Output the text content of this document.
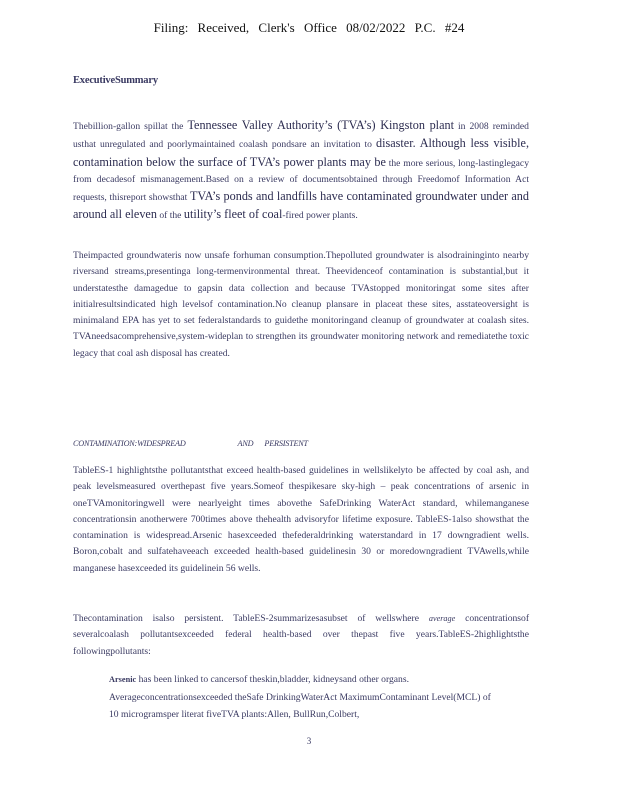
Filing: Received, Clerk's Office 08/02/2022 P.C. #24
ExecutiveSummary
Thebillion-gallon spillat the Tennessee Valley Authority’s (TVA’s) Kingston plant in 2008 reminded usthat unregulated and poorlymaintained coalash pondsare an invitation to disaster. Although less visible, contamination below the surface of TVA’s power plants may be the more serious, long-lastinglegacy from decadesof mismanagement.Based on a review of documentsobtained through Freedomof Information Act requests, thisreport showsthat TVA’s ponds and landfills have contaminated groundwater under and around all eleven of the utility’s fleet of coal-fired power plants.
Theimpacted groundwateris now unsafe forhuman consumption.Thepolluted groundwater is alsodraininginto nearby riversand streams,presentinga long-termenvironmental threat. Theevidenceof contamination is substantial,but it understatesthe damagedue to gapsin data collection and because TVAstopped monitoringat some sites after initialresultsindicated high levelsof contamination.No cleanup plansare in placeat these sites, asstateoversight is minimaland EPA has yet to set federalstandards to guidethe monitoringand cleanup of groundwater at coalash sites. TVAneedsacomprehensive,system-wideplan to strengthen its groundwater monitoring network and remediatethe toxic legacy that coal ash disposal has created.
CONTAMINATION:WIDESPREAD	AND PERSISTENT
TableES-1 highlightsthe pollutantsthat exceed health-based guidelines in wellslikelyto be affected by coal ash, and peak levelsmeasured overthepast five years.Someof thespikesare sky-high – peak concentrations of arsenic in oneTVAmonitoringwell were nearlyeight times abovethe SafeDrinking WaterAct standard, whilemanganese concentrationsin anotherwere 700times above thehealth advisoryfor lifetime exposure. TableES-1also showsthat the contamination is widespread.Arsenic hasexceeded thefederaldrinking waterstandard in 17 downgradient wells. Boron,cobalt and sulfatehaveeach exceeded health-based guidelinesin 30 or moredowngradient TVAwells,while manganese hasexceeded its guidelinein 56 wells.
Thecontamination isalso persistent. TableES-2summarizesasubset of wellswhere average concentrationsof severalcoalash pollutantsexceeded federal health-based over thepast five years.TableES-2highlightsthe followingpollutants:
Arsenic has been linked to cancersof theskin,bladder, kidneysand other organs. Averageconcentrationsexceeded theSafe DrinkingWaterAct MaximumContaminant Level(MCL) of 10 microgramsper literat fiveTVA plants:Allen, BullRun,Colbert,
3
